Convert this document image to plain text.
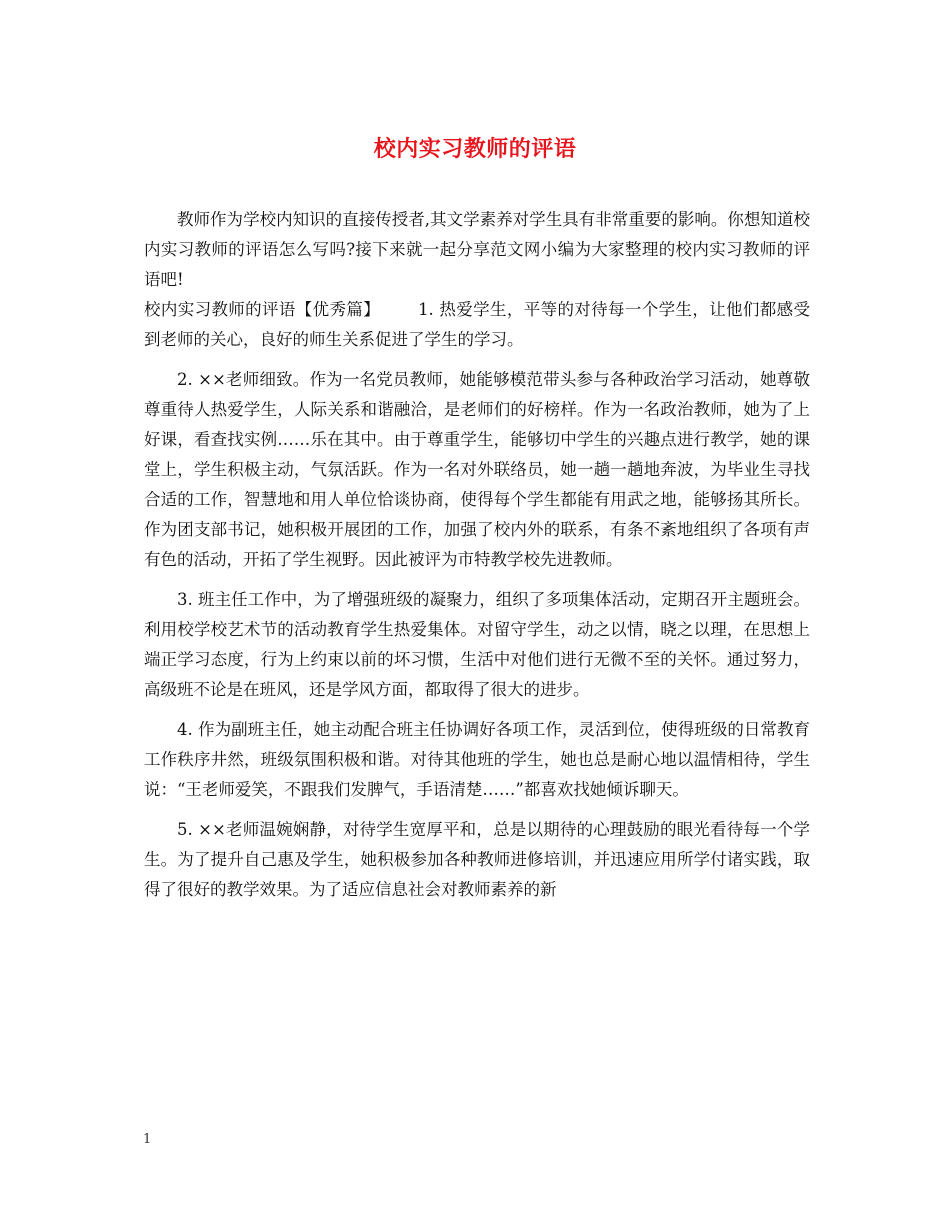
校内实习教师的评语

教师作为学校内知识的直接传授者,其文学素养对学生具有非常重要的影响。你想知道校内实习教师的评语怎么写吗?接下来就一起分享范文网小编为大家整理的校内实习教师的评语吧!

校内实习教师的评语【优秀篇】 1. 热爱学生，平等的对待每一个学生，让他们都感受到老师的关心，良好的师生关系促进了学生的学习。

2. ××老师细致。作为一名党员教师，她能够模范带头参与各种政治学习活动，她尊敬尊重待人热爱学生，人际关系和谐融洽，是老师们的好榜样。作为一名政治教师，她为了上好课，看查找实例……乐在其中。由于尊重学生，能够切中学生的兴趣点进行教学，她的课堂上，学生积极主动，气氛活跃。作为一名对外联络员，她一趟一趟地奔波，为毕业生寻找合适的工作，智慧地和用人单位恰谈协商，使得每个学生都能有用武之地，能够扬其所长。作为团支部书记，她积极开展团的工作，加强了校内外的联系，有条不紊地组织了各项有声有色的活动，开拓了学生视野。因此被评为市特教学校先进教师。

3. 班主任工作中，为了增强班级的凝聚力，组织了多项集体活动，定期召开主题班会。利用校学校艺术节的活动教育学生热爱集体。对留守学生，动之以情，晓之以理，在思想上端正学习态度，行为上约束以前的坏习惯，生活中对他们进行无微不至的关怀。通过努力，高级班不论是在班风，还是学风方面，都取得了很大的进步。

4. 作为副班主任，她主动配合班主任协调好各项工作，灵活到位，使得班级的日常教育工作秩序井然，班级氛围积极和谐。对待其他班的学生，她也总是耐心地以温情相待，学生说：“王老师爱笑，不跟我们发脾气，手语清楚……”都喜欢找她倾诉聊天。

5. ××老师温婉娴静，对待学生宽厚平和，总是以期待的心理鼓励的眼光看待每一个学生。为了提升自己惠及学生，她积极参加各种教师进修培训，并迅速应用所学付诸实践，取得了很好的教学效果。为了适应信息社会对教师素养的新

1
